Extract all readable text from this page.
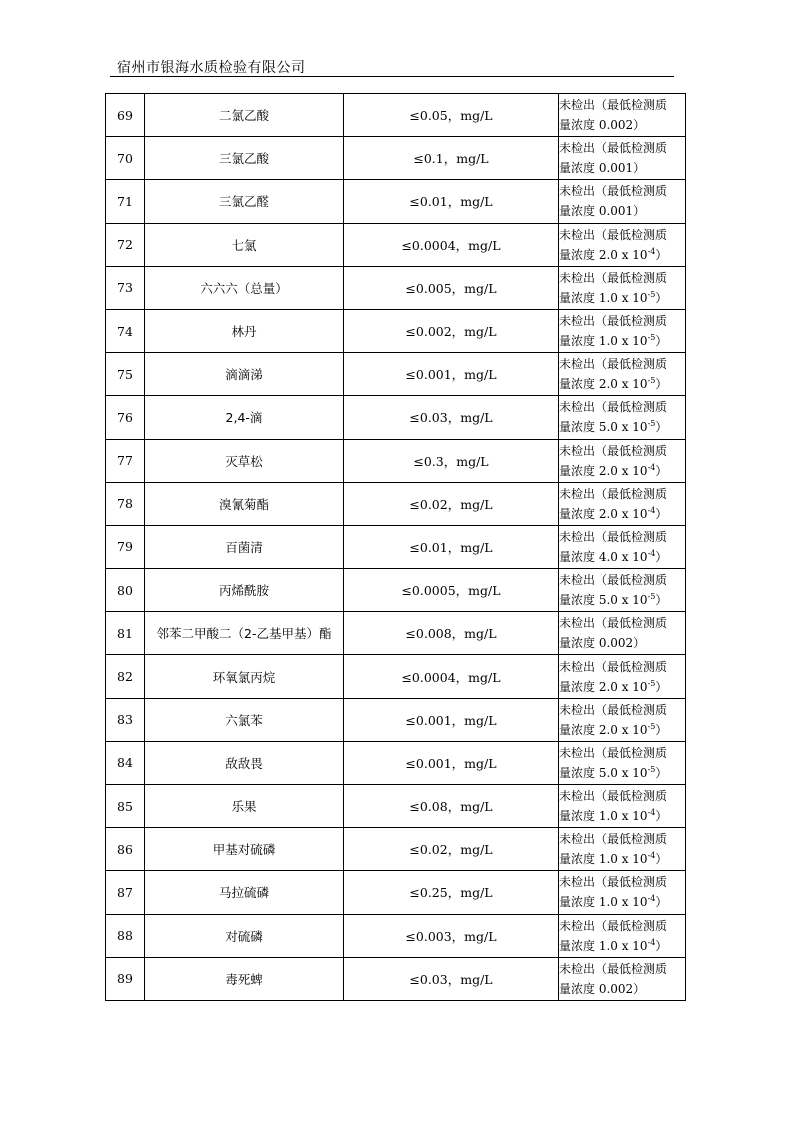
宿州市银海水质检验有限公司
69	二氯乙酸	≤0.05，mg/L	未检出（最低检测质
量浓度 0.002）

70	三氯乙酸	≤0.1，mg/L	未检出（最低检测质
量浓度 0.001）

71	三氯乙醛	≤0.01，mg/L	未检出（最低检测质
量浓度 0.001）

72	七氯	≤0.0004，mg/L	未检出（最低检测质
量浓度 2.0 x $10^{-4}$）

73	六六六（总量）	≤0.005，mg/L	未检出（最低检测质
量浓度 1.0 x $10^{-5}$）

74	林丹	≤0.002，mg/L	未检出（最低检测质
量浓度 1.0 x $10^{-5}$）

75	滴滴涕	≤0.001，mg/L	未检出（最低检测质
量浓度 2.0 x $10^{-5}$）

76	2,4-滴	≤0.03，mg/L	未检出（最低检测质
量浓度 5.0 x $10^{-5}$）

77	灭草松	≤0.3，mg/L	未检出（最低检测质
量浓度 2.0 x $10^{-4}$）

78	溴氰菊酯	≤0.02，mg/L	未检出（最低检测质
量浓度 2.0 x $10^{-4}$）

79	百菌清	≤0.01，mg/L	未检出（最低检测质
量浓度 4.0 x $10^{-4}$）

80	丙烯酰胺	≤0.0005，mg/L	未检出（最低检测质
量浓度 5.0 x $10^{-5}$）

81	邻苯二甲酸二（2-乙基甲基）酯	≤0.008，mg/L	未检出（最低检测质
量浓度 0.002）

82	环氧氯丙烷	≤0.0004，mg/L	未检出（最低检测质
量浓度 2.0 x $10^{-5}$）

83	六氯苯	≤0.001，mg/L	未检出（最低检测质
量浓度 2.0 x $10^{-5}$）

84	敌敌畏	≤0.001，mg/L	未检出（最低检测质
量浓度 5.0 x $10^{-5}$）

85	乐果	≤0.08，mg/L	未检出（最低检测质
量浓度 1.0 x $10^{-4}$）

86	甲基对硫磷	≤0.02，mg/L	未检出（最低检测质
量浓度 1.0 x $10^{-4}$）

87	马拉硫磷	≤0.25，mg/L	未检出（最低检测质
量浓度 1.0 x $10^{-4}$）

88	对硫磷	≤0.003，mg/L	未检出（最低检测质
量浓度 1.0 x $10^{-4}$）

89	毒死蜱	≤0.03，mg/L	未检出（最低检测质
量浓度 0.002）
